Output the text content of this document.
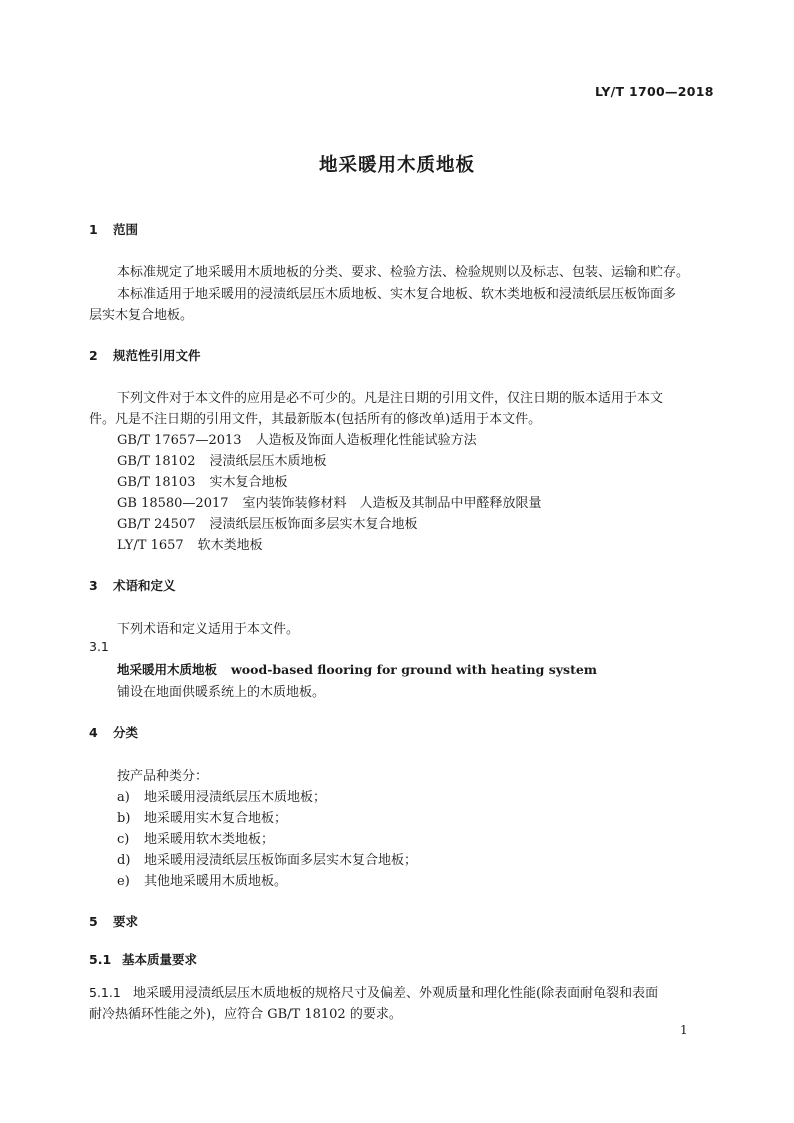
LY/T 1700—2018
地采暖用木质地板
1 范围
本标准规定了地采暖用木质地板的分类、要求、检验方法、检验规则以及标志、包装、运输和贮存。
本标准适用于地采暖用的浸渍纸层压木质地板、实木复合地板、软木类地板和浸渍纸层压板饰面多
层实木复合地板。
2 规范性引用文件
下列文件对于本文件的应用是必不可少的。凡是注日期的引用文件，仅注日期的版本适用于本文
件。凡是不注日期的引用文件，其最新版本(包括所有的修改单)适用于本文件。
GB/T 17657—2013 人造板及饰面人造板理化性能试验方法
GB/T 18102 浸渍纸层压木质地板
GB/T 18103 实木复合地板
GB 18580—2017 室内装饰装修材料　人造板及其制品中甲醛释放限量
GB/T 24507 浸渍纸层压板饰面多层实木复合地板
LY/T 1657 软木类地板
3 术语和定义
下列术语和定义适用于本文件。
3.1
地采暖用木质地板 wood-based flooring for ground with heating system
铺设在地面供暖系统上的木质地板。
4 分类
按产品种类分：
a) 地采暖用浸渍纸层压木质地板；
b) 地采暖用实木复合地板；
c) 地采暖用软木类地板；
d) 地采暖用浸渍纸层压板饰面多层实木复合地板；
e) 其他地采暖用木质地板。
5 要求
5.1 基本质量要求
5.1.1 地采暖用浸渍纸层压木质地板的规格尺寸及偏差、外观质量和理化性能(除表面耐龟裂和表面
耐冷热循环性能之外)，应符合 GB/T 18102 的要求。
1
